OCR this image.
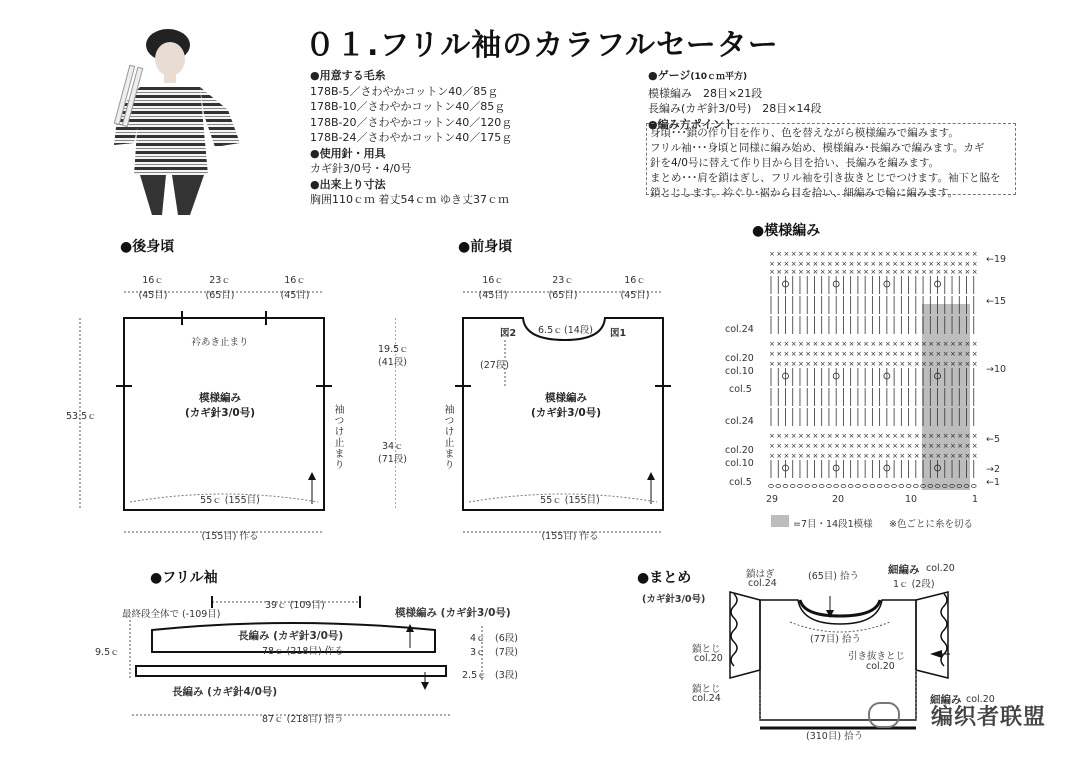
０１.フリル袖のカラフルセーター
●用意する毛糸
178B-5／さわやかコットン40／85ｇ
178B-10／さわやかコットン40／85ｇ
178B-20／さわやかコットン40／120ｇ
178B-24／さわやかコットン40／175ｇ
●使用針・用具
カギ針3/0号・4/0号
●出来上り寸法
胸囲110ｃｍ 着丈54ｃｍ ゆき丈37ｃｍ
●ゲージ(10ｃｍ平方)
模様編み　28目×21段
長編み(カギ針3/0号)　28目×14段
●編み方ポイント
身頃･･･鎖の作り目を作り、色を替えながら模様編みで編みます。
フリル袖･･･身頃と同様に編み始め、模様編み･長編みで編みます。カギ
針を4/0号に替えて作り目から目を拾い、長編みを編みます。
まとめ･･･肩を鎖はぎし、フリル袖を引き抜きとじでつけます。袖下と脇を
鎖とじします。衿ぐり･裾から目を拾い、細編みで輪に編みます。
●後身頃
16ｃ	23ｃ	16ｃ
(45目)	(65目)	(45目)
衿あき止まり
模様編み
(カギ針3/0号)
53.5ｃ	袖つけ止まり
55ｃ (155目)
(155目) 作る
●前身頃
16ｃ	23ｃ	16ｃ
(45目)	(65目)	(45目)
6.5ｃ (14段)
図2	図1
(27段)
19.5ｃ
(41段)
34ｃ
(71段)
模様編み
(カギ針3/0号)
袖つけ止まり
55ｃ (155目)
(155目) 作る
●模様編み
× × × × × × × × × × × × × × × × × × × × × × × × × × × × ×
× × × × × × × × × × × × × × × × × × × × × × × × × × × × ×
× × × × × × × × × × × × × × × × × × × × × × × × × × × × ×
× × × × × × × × × × × × × × × × × × × × × × × × × × × × ×
× × × × × × × × × × × × × × × × × × × × × × × × × × × × ×
× × × × × × × × × × × × × × × × × × × × × × × × × × × × ×
× × × × × × × × × × × × × × × × × × × × × × × × × × × × ×
× × × × × × × × × × × × × × × × × × × × × × × × × × × × ×
× × × × × × × × × × × × × × × × × × × × × × × × × × × × ×
←19
←15
→10
←5
→2
←1
col.24
col.20
col.10
col.5
col.24
col.20
col.10
col.5
29	20	10	1
=7目・14段1模様 ※色ごとに糸を切る
●フリル袖
39ｃ (109目)
最終段全体で (-109目)	模様編み (カギ針3/0号)
長編み (カギ針3/0号)
78ｃ (218目) 作る
長編み (カギ針4/0号)
9.5ｃ
4ｃ (6段)
3ｃ (7段)
2.5ｃ (3段)
87ｃ (218目) 拾う
●まとめ
(カギ針3/0号)
鎖はぎ
col.24
(65目) 拾う
細編み col.20
1ｃ (2段)
(77目) 拾う
鎖とじ
col.20	引き抜きとじ
col.20
鎖とじ
col.24	細編み col.20
(310目) 拾う
编织者联盟
